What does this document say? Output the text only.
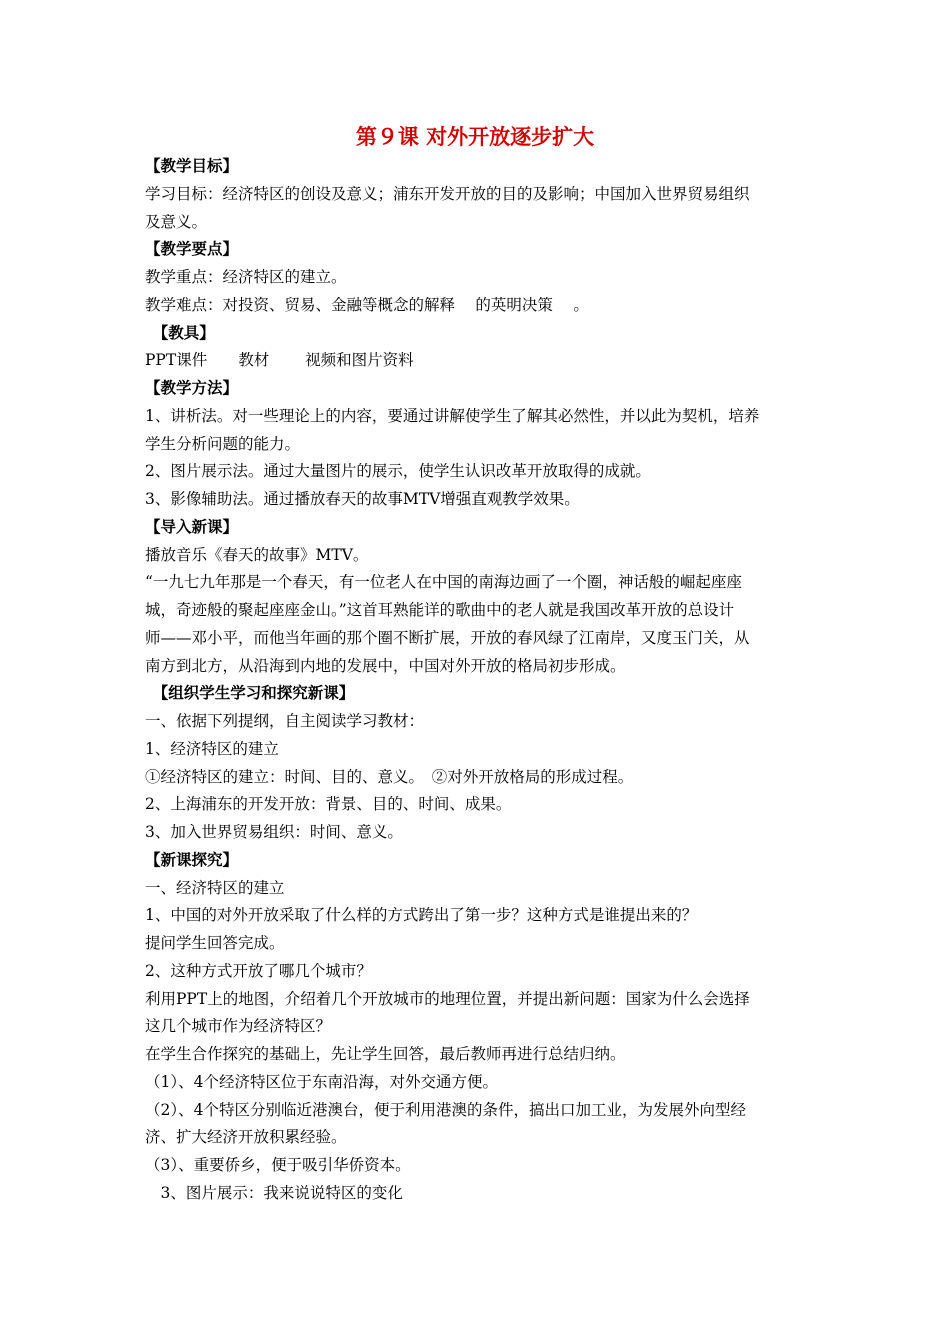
第９课 对外开放逐步扩大
【教学目标】
学习目标：经济特区的创设及意义；浦东开发开放的目的及影响；中国加入世界贸易组织
及意义。
【教学要点】
教学重点：经济特区的建立。
教学难点：对投资、贸易、金融等概念的解释　 的英明决策　 。
　【教具】
PPT课件　　教材　　 视频和图片资料
【教学方法】
1、讲析法。对一些理论上的内容，要通过讲解使学生了解其必然性，并以此为契机，培养
学生分析问题的能力。
2、图片展示法。通过大量图片的展示，使学生认识改革开放取得的成就。
3、影像辅助法。通过播放春天的故事MTV增强直观教学效果。
【导入新课】
播放音乐《春天的故事》MTV。
“一九七九年那是一个春天，有一位老人在中国的南海边画了一个圈，神话般的崛起座座
城，奇迹般的聚起座座金山。”这首耳熟能详的歌曲中的老人就是我国改革开放的总设计
师——邓小平，而他当年画的那个圈不断扩展，开放的春风绿了江南岸，又度玉门关，从
南方到北方，从沿海到内地的发展中，中国对外开放的格局初步形成。
　【组织学生学习和探究新课】
一、依据下列提纲，自主阅读学习教材：
1、经济特区的建立
①经济特区的建立：时间、目的、意义。　②对外开放格局的形成过程。
2、上海浦东的开发开放：背景、目的、时间、成果。
3、加入世界贸易组织：时间、意义。
【新课探究】
一、经济特区的建立
1、中国的对外开放采取了什么样的方式跨出了第一步？这种方式是谁提出来的？
提问学生回答完成。
2、这种方式开放了哪几个城市？
利用PPT上的地图，介绍着几个开放城市的地理位置，并提出新问题：国家为什么会选择
这几个城市作为经济特区？
在学生合作探究的基础上，先让学生回答，最后教师再进行总结归纳。
（1）、4个经济特区位于东南沿海，对外交通方便。
（2）、4个特区分别临近港澳台，便于利用港澳的条件，搞出口加工业，为发展外向型经
济、扩大经济开放积累经验。
（3）、重要侨乡，便于吸引华侨资本。
　3、图片展示：我来说说特区的变化
